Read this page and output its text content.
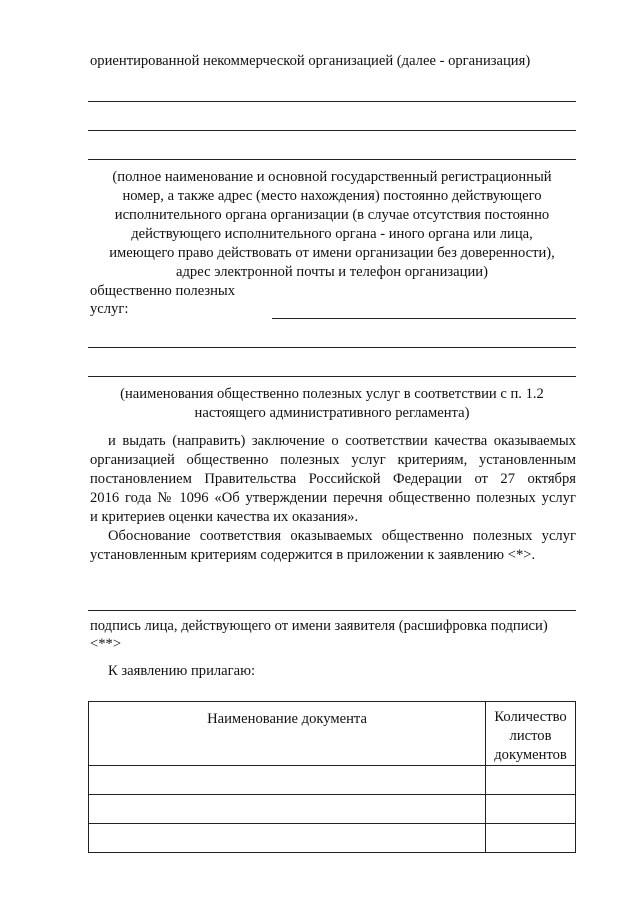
ориентированной некоммерческой организацией (далее - организация)
(полное наименование и основной государственный регистрационный
номер, а также адрес (место нахождения) постоянно действующего
исполнительного органа организации (в случае отсутствия постоянно
действующего исполнительного органа - иного органа или лица,
имеющего право действовать от имени организации без доверенности),
адрес электронной почты и телефон организации)
общественно полезных
услуг:
(наименования общественно полезных услуг в соответствии с п. 1.2
настоящего административного регламента)
и выдать (направить) заключение о соответствии качества оказываемых
организацией общественно полезных услуг критериям, установленным
постановлением Правительства Российской Федерации от 27 октября
2016 года № 1096 «Об утверждении перечня общественно полезных услуг
и критериев оценки качества их оказания».
Обоснование соответствия оказываемых общественно полезных услуг
установленным критериям содержится в приложении к заявлению <*>.
подпись лица, действующего от имени заявителя (расшифровка подписи)
<**>
К заявлению прилагаю:
Наименование документа	Количество
листов
документов
